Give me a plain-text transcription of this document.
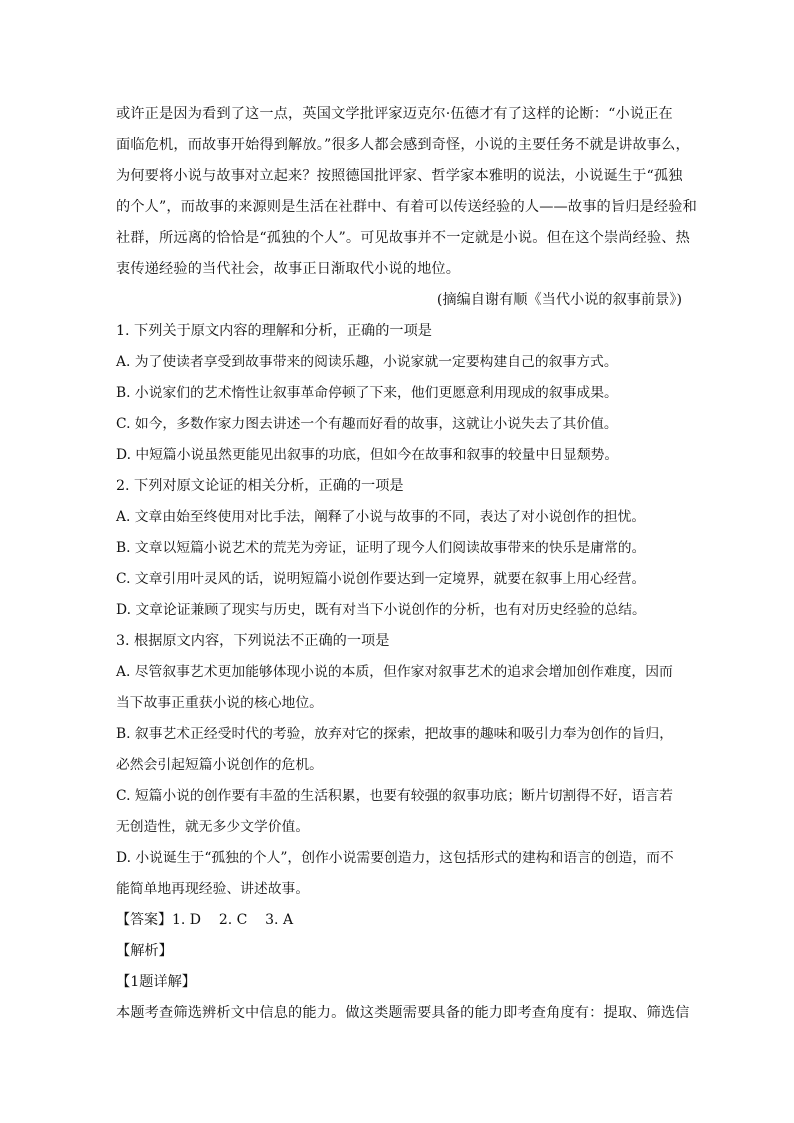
或许正是因为看到了这一点，英国文学批评家迈克尔·伍德才有了这样的论断：“小说正在
面临危机，而故事开始得到解放。”很多人都会感到奇怪，小说的主要任务不就是讲故事么，
为何要将小说与故事对立起来？按照德国批评家、哲学家本雅明的说法，小说诞生于“孤独
的个人”，而故事的来源则是生活在社群中、有着可以传送经验的人——故事的旨归是经验和
社群，所远离的恰恰是“孤独的个人”。可见故事并不一定就是小说。但在这个崇尚经验、热
衷传递经验的当代社会，故事正日渐取代小说的地位。
(摘编自谢有顺《当代小说的叙事前景》)
1. 下列关于原文内容的理解和分析，正确的一项是
A. 为了使读者享受到故事带来的阅读乐趣，小说家就一定要构建自己的叙事方式。
B. 小说家们的艺术惰性让叙事革命停顿了下来，他们更愿意利用现成的叙事成果。
C. 如今，多数作家力图去讲述一个有趣而好看的故事，这就让小说失去了其价值。
D. 中短篇小说虽然更能见出叙事的功底，但如今在故事和叙事的较量中日显颓势。
2. 下列对原文论证的相关分析，正确的一项是
A. 文章由始至终使用对比手法，阐释了小说与故事的不同，表达了对小说创作的担忧。
B. 文章以短篇小说艺术的荒芜为旁证，证明了现今人们阅读故事带来的快乐是庸常的。
C. 文章引用叶灵风的话，说明短篇小说创作要达到一定境界，就要在叙事上用心经营。
D. 文章论证兼顾了现实与历史，既有对当下小说创作的分析，也有对历史经验的总结。
3. 根据原文内容，下列说法不正确的一项是
A. 尽管叙事艺术更加能够体现小说的本质，但作家对叙事艺术的追求会增加创作难度，因而
当下故事正重获小说的核心地位。
B. 叙事艺术正经受时代的考验，放弃对它的探索，把故事的趣味和吸引力奉为创作的旨归，
必然会引起短篇小说创作的危机。
C. 短篇小说的创作要有丰盈的生活积累，也要有较强的叙事功底；断片切割得不好，语言若
无创造性，就无多少文学价值。
D. 小说诞生于“孤独的个人”，创作小说需要创造力，这包括形式的建构和语言的创造，而不
能简单地再现经验、讲述故事。
【答案】1. D    2. C    3. A
【解析】
【1题详解】
本题考查筛选辨析文中信息的能力。做这类题需要具备的能力即考查角度有：提取、筛选信
